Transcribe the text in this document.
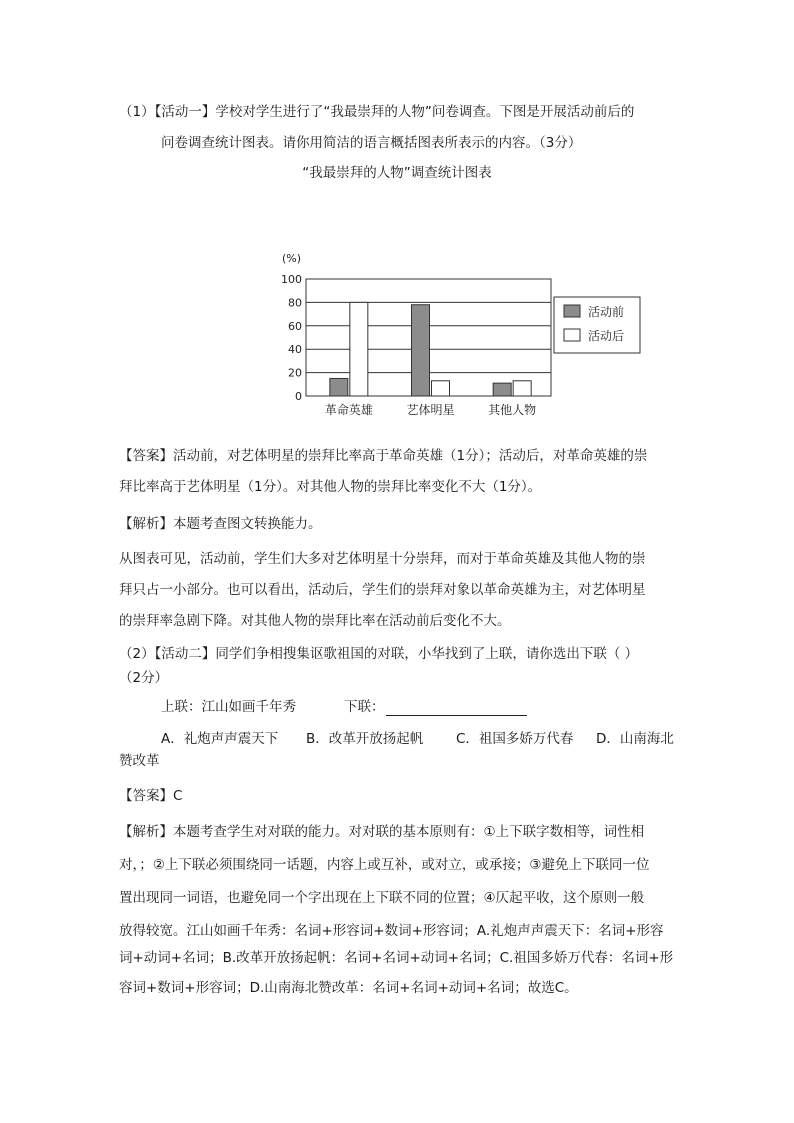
（1）【活动一】学校对学生进行了“我最崇拜的人物”问卷调查。下图是开展活动前后的
问卷调查统计图表。请你用简洁的语言概括图表所表示的内容。（3分）
“我最崇拜的人物”调查统计图表
(%)
100
80
60
40
20
0
革命英雄	艺体明星	其他人物
活动前
活动后
【答案】活动前，对艺体明星的崇拜比率高于革命英雄（1分）；活动后，对革命英雄的崇
拜比率高于艺体明星（1分）。对其他人物的崇拜比率变化不大（1分）。
【解析】本题考查图文转换能力。
从图表可见，活动前，学生们大多对艺体明星十分崇拜，而对于革命英雄及其他人物的崇
拜只占一小部分。也可以看出，活动后，学生们的崇拜对象以革命英雄为主，对艺体明星
的崇拜率急剧下降。对其他人物的崇拜比率在活动前后变化不大。
（2）【活动二】同学们争相搜集讴歌祖国的对联，小华找到了上联，请你选出下联（ ）
（2分）
上联：江山如画千年秀	下联：
A．礼炮声声震天下 B．改革开放扬起帆 C．祖国多娇万代春 D．山南海北
赞改革
【答案】C
【解析】本题考查学生对对联的能力。对对联的基本原则有：①上下联字数相等，词性相
对，；②上下联必须围绕同一话题，内容上或互补，或对立，或承接；③避免上下联同一位
置出现同一词语，也避免同一个字出现在上下联不同的位置；④仄起平收，这个原则一般
放得较宽。江山如画千年秀：名词+形容词+数词+形容词；A.礼炮声声震天下：名词+形容
词+动词+名词；B.改革开放扬起帆：名词+名词+动词+名词；C.祖国多娇万代春：名词+形
容词+数词+形容词；D.山南海北赞改革：名词+名词+动词+名词；故选C。
